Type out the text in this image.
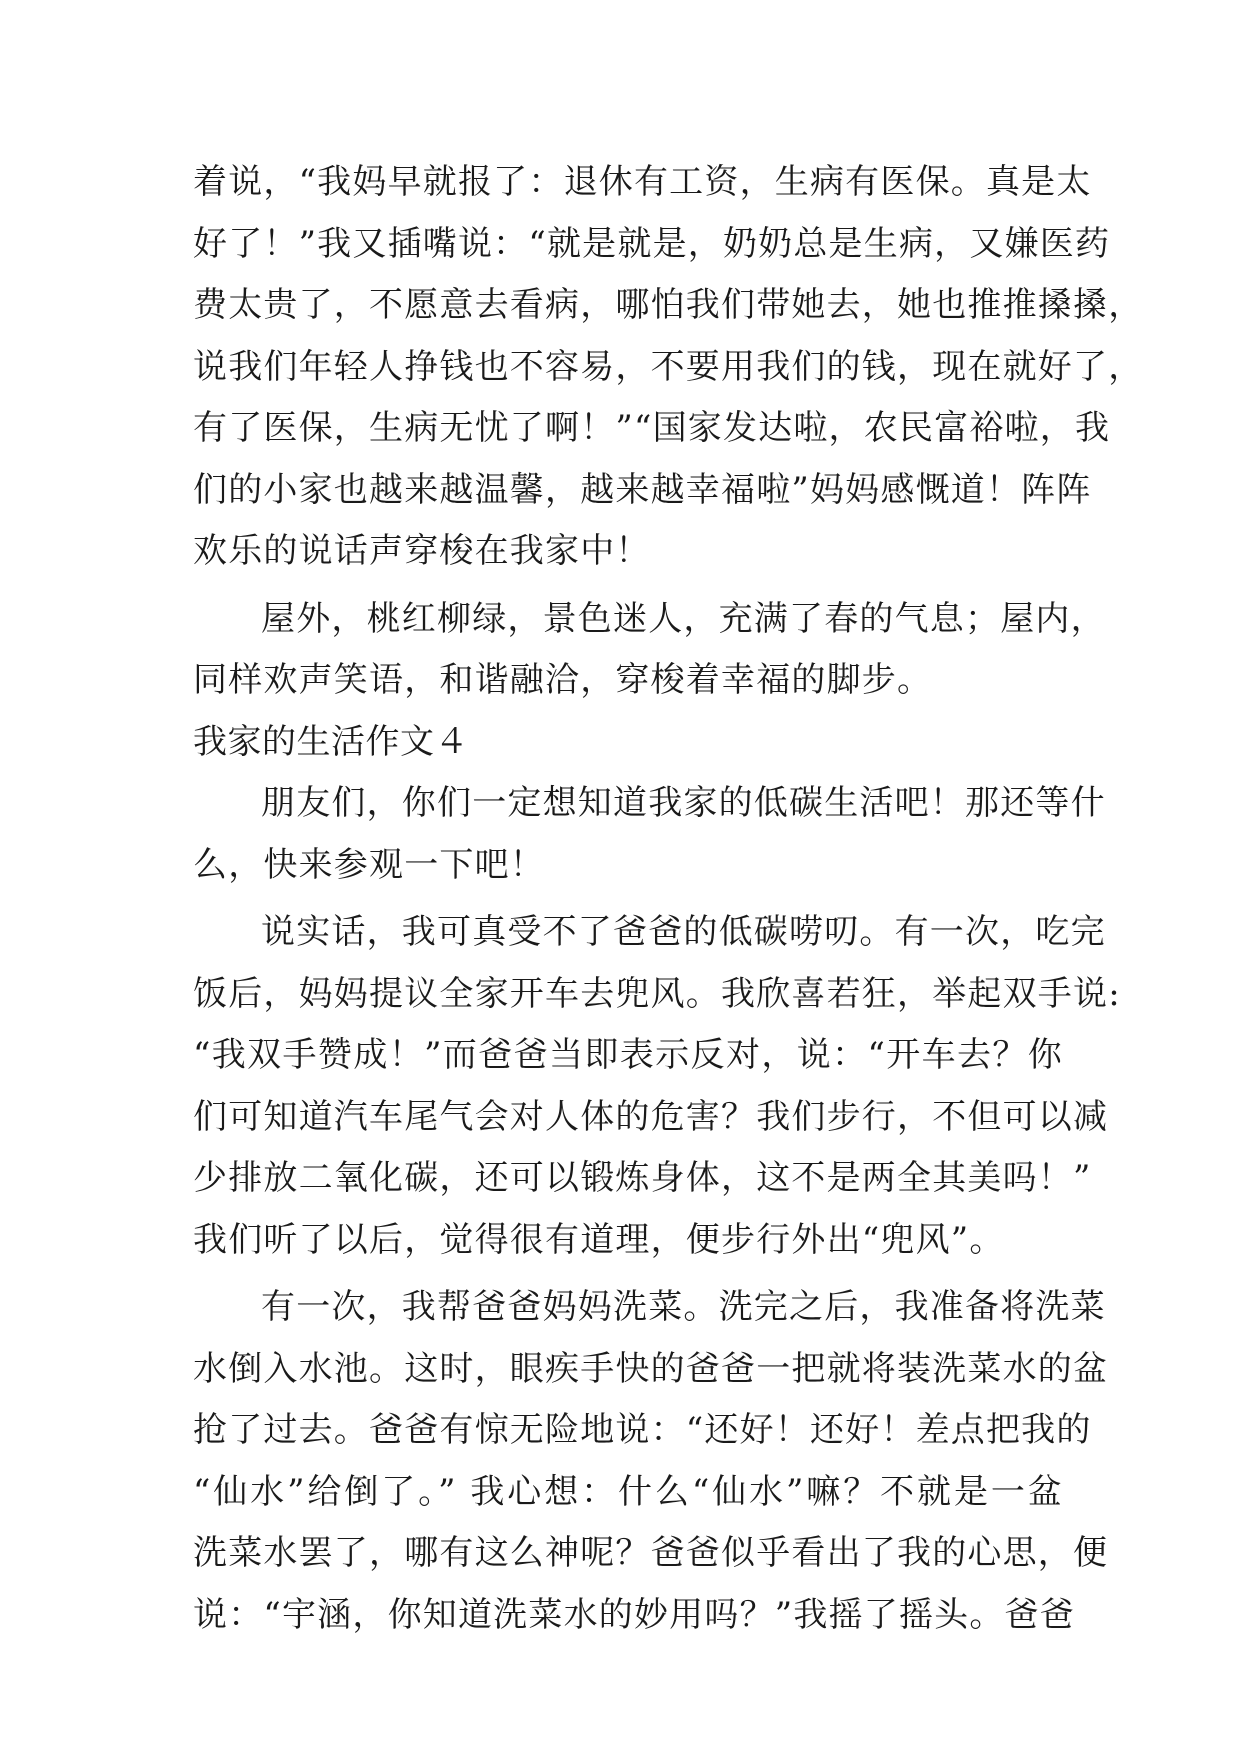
着说，“我妈早就报了：退休有工资，生病有医保。真是太
好了！”我又插嘴说：“就是就是，奶奶总是生病，又嫌医药
费太贵了，不愿意去看病，哪怕我们带她去，她也推推搡搡，
说我们年轻人挣钱也不容易，不要用我们的钱，现在就好了，
有了医保，生病无忧了啊！”“国家发达啦，农民富裕啦，我
们的小家也越来越温馨，越来越幸福啦”妈妈感慨道！阵阵
欢乐的说话声穿梭在我家中！
屋外，桃红柳绿，景色迷人，充满了春的气息；屋内，
同样欢声笑语，和谐融洽，穿梭着幸福的脚步。
我家的生活作文４
朋友们，你们一定想知道我家的低碳生活吧！那还等什
么，快来参观一下吧！
说实话，我可真受不了爸爸的低碳唠叨。有一次，吃完
饭后，妈妈提议全家开车去兜风。我欣喜若狂，举起双手说:
“我双手赞成！”而爸爸当即表示反对，说：“开车去？你
们可知道汽车尾气会对人体的危害？我们步行，不但可以减
少排放二氧化碳，还可以锻炼身体，这不是两全其美吗！”
我们听了以后，觉得很有道理，便步行外出“兜风”。
有一次，我帮爸爸妈妈洗菜。洗完之后，我准备将洗菜
水倒入水池。这时，眼疾手快的爸爸一把就将装洗菜水的盆
抢了过去。爸爸有惊无险地说：“还好！还好！差点把我的
“仙水”给倒了。” 我心想：什么“仙水”嘛？不就是一盆
洗菜水罢了，哪有这么神呢？爸爸似乎看出了我的心思，便
说：“宇涵，你知道洗菜水的妙用吗？”我摇了摇头。爸爸
